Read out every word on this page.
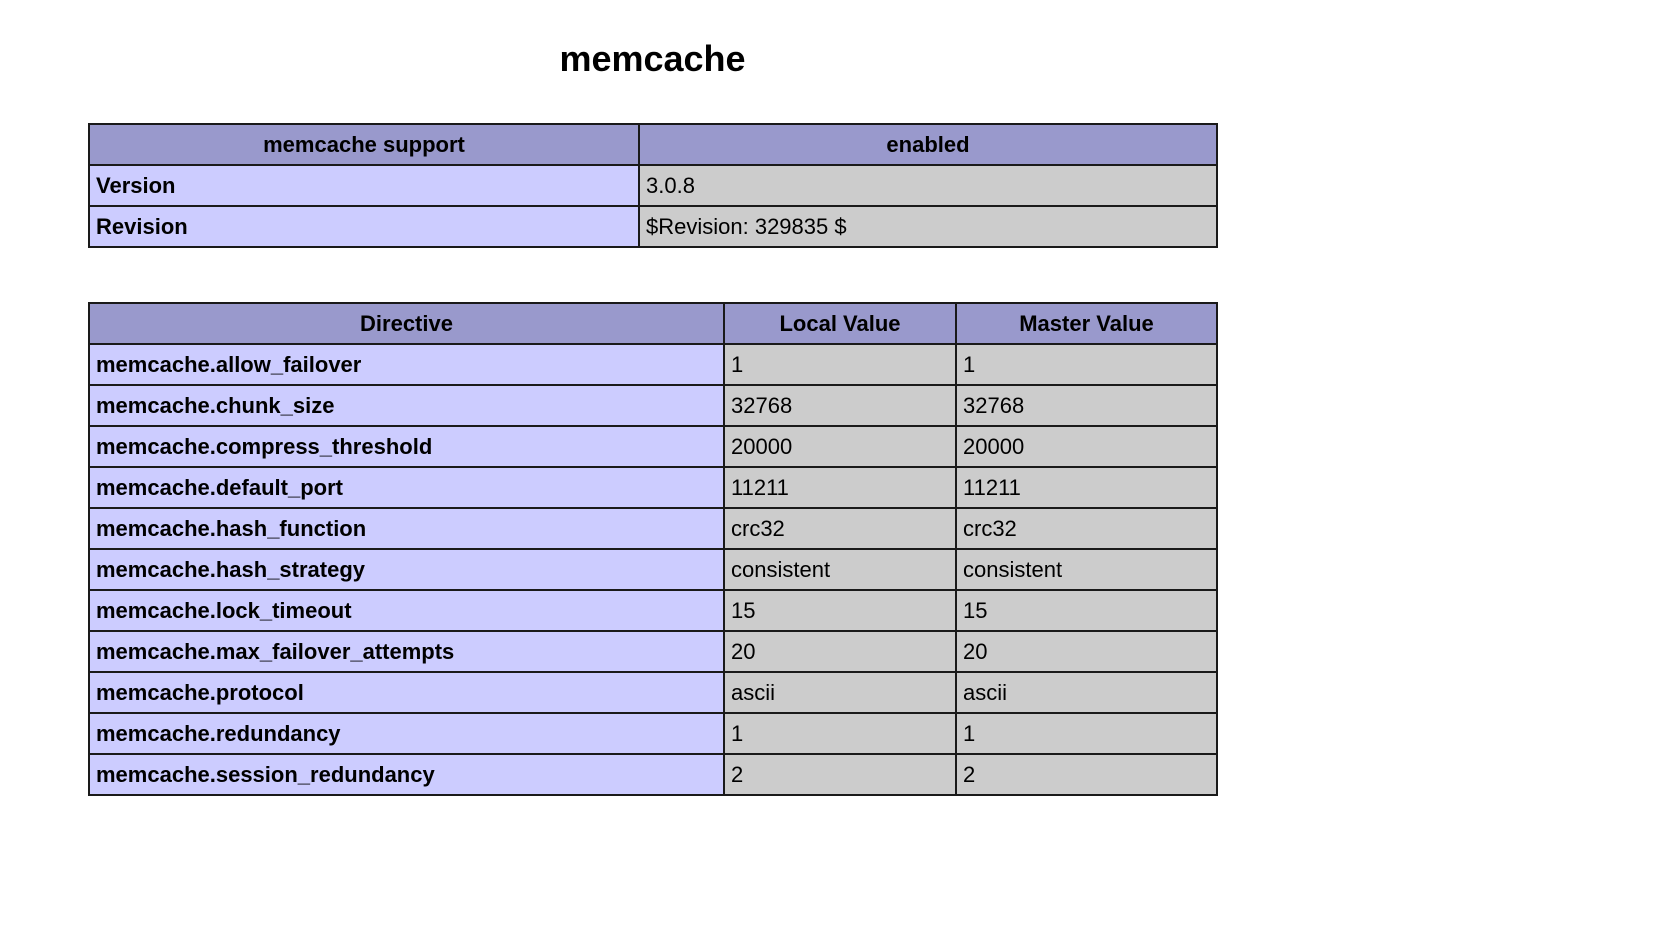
memcache
memcache support	enabled
Version	3.0.8
Revision	$Revision: 329835 $
Directive	Local Value	Master Value
memcache.allow_failover	1	1
memcache.chunk_size	32768	32768
memcache.compress_threshold	20000	20000
memcache.default_port	11211	11211
memcache.hash_function	crc32	crc32
memcache.hash_strategy	consistent	consistent
memcache.lock_timeout	15	15
memcache.max_failover_attempts	20	20
memcache.protocol	ascii	ascii
memcache.redundancy	1	1
memcache.session_redundancy	2	2
